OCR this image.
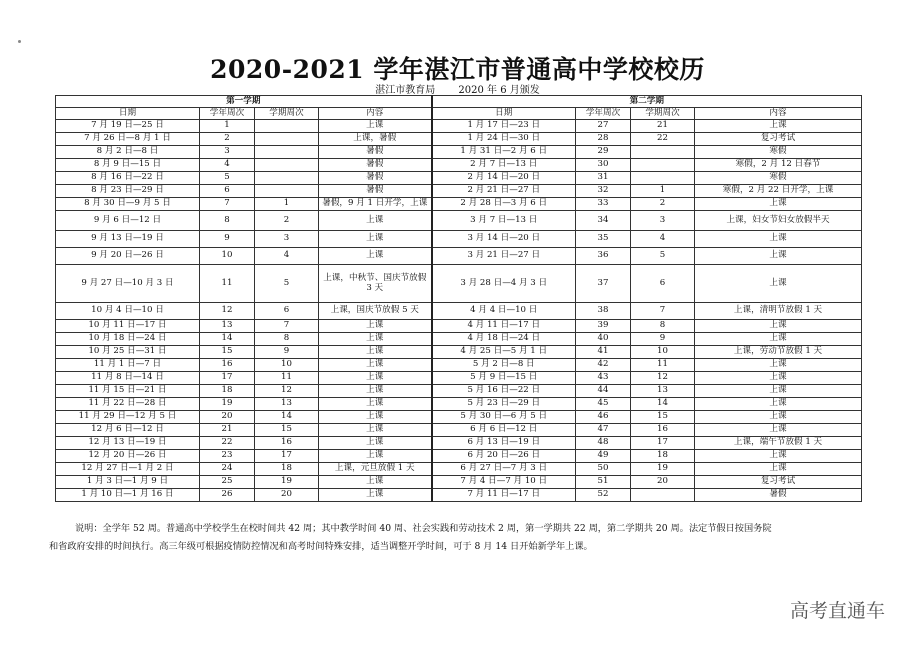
2020-2021 学年湛江市普通高中学校校历
湛江市教育局 2020 年 6 月颁发
第一学期				第二学期			
日期	学年周次	学期周次	内容	日期	学年周次	学期周次	内容
7 月 19 日—25 日	1		上课	1 月 17 日—23 日	27	21	上课
7 月 26 日—8 月 1 日	2		上课，暑假	1 月 24 日—30 日	28	22	复习考试
8 月 2 日—8 日	3		暑假	1 月 31 日—2 月 6 日	29		寒假
8 月 9 日—15 日	4		暑假	2 月 7 日—13 日	30		寒假，2 月 12 日春节
8 月 16 日—22 日	5		暑假	2 月 14 日—20 日	31		寒假
8 月 23 日—29 日	6		暑假	2 月 21 日—27 日	32	1	寒假，2 月 22 日开学，上课
8 月 30 日—9 月 5 日	7	1	暑假，9 月 1 日开学，上课	2 月 28 日—3 月 6 日	33	2	上课
9 月 6 日—12 日	8	2	上课	3 月 7 日—13 日	34	3	上课，妇女节妇女放假半天
9 月 13 日—19 日	9	3	上课	3 月 14 日—20 日	35	4	上课
9 月 20 日—26 日	10	4	上课	3 月 21 日—27 日	36	5	上课
9 月 27 日—10 月 3 日	11	5	上课，中秋节、国庆节放假 3 天	3 月 28 日—4 月 3 日	37	6	上课
10 月 4 日—10 日	12	6	上课，国庆节放假 5 天	4 月 4 日—10 日	38	7	上课，清明节放假 1 天
10 月 11 日—17 日	13	7	上课	4 月 11 日—17 日	39	8	上课
10 月 18 日—24 日	14	8	上课	4 月 18 日—24 日	40	9	上课
10 月 25 日—31 日	15	9	上课	4 月 25 日—5 月 1 日	41	10	上课，劳动节放假 1 天
11 月 1 日—7 日	16	10	上课	5 月 2 日—8 日	42	11	上课
11 月 8 日—14 日	17	11	上课	5 月 9 日—15 日	43	12	上课
11 月 15 日—21 日	18	12	上课	5 月 16 日—22 日	44	13	上课
11 月 22 日—28 日	19	13	上课	5 月 23 日—29 日	45	14	上课
11 月 29 日—12 月 5 日	20	14	上课	5 月 30 日—6 月 5 日	46	15	上课
12 月 6 日—12 日	21	15	上课	6 月 6 日—12 日	47	16	上课
12 月 13 日—19 日	22	16	上课	6 月 13 日—19 日	48	17	上课，端午节放假 1 天
12 月 20 日—26 日	23	17	上课	6 月 20 日—26 日	49	18	上课
12 月 27 日—1 月 2 日	24	18	上课，元旦放假 1 天	6 月 27 日—7 月 3 日	50	19	上课
1 月 3 日—1 月 9 日	25	19	上课	7 月 4 日—7 月 10 日	51	20	复习考试
1 月 10 日—1 月 16 日	26	20	上课	7 月 11 日—17 日	52		暑假
说明：全学年 52 周。普通高中学校学生在校时间共 42 周；其中教学时间 40 周、社会实践和劳动技术 2 周，第一学期共 22 周，第二学期共 20 周。法定节假日按国务院
和省政府安排的时间执行。高三年级可根据疫情防控情况和高考时间特殊安排，适当调整开学时间，可于 8 月 14 日开始新学年上课。
高考直通车
